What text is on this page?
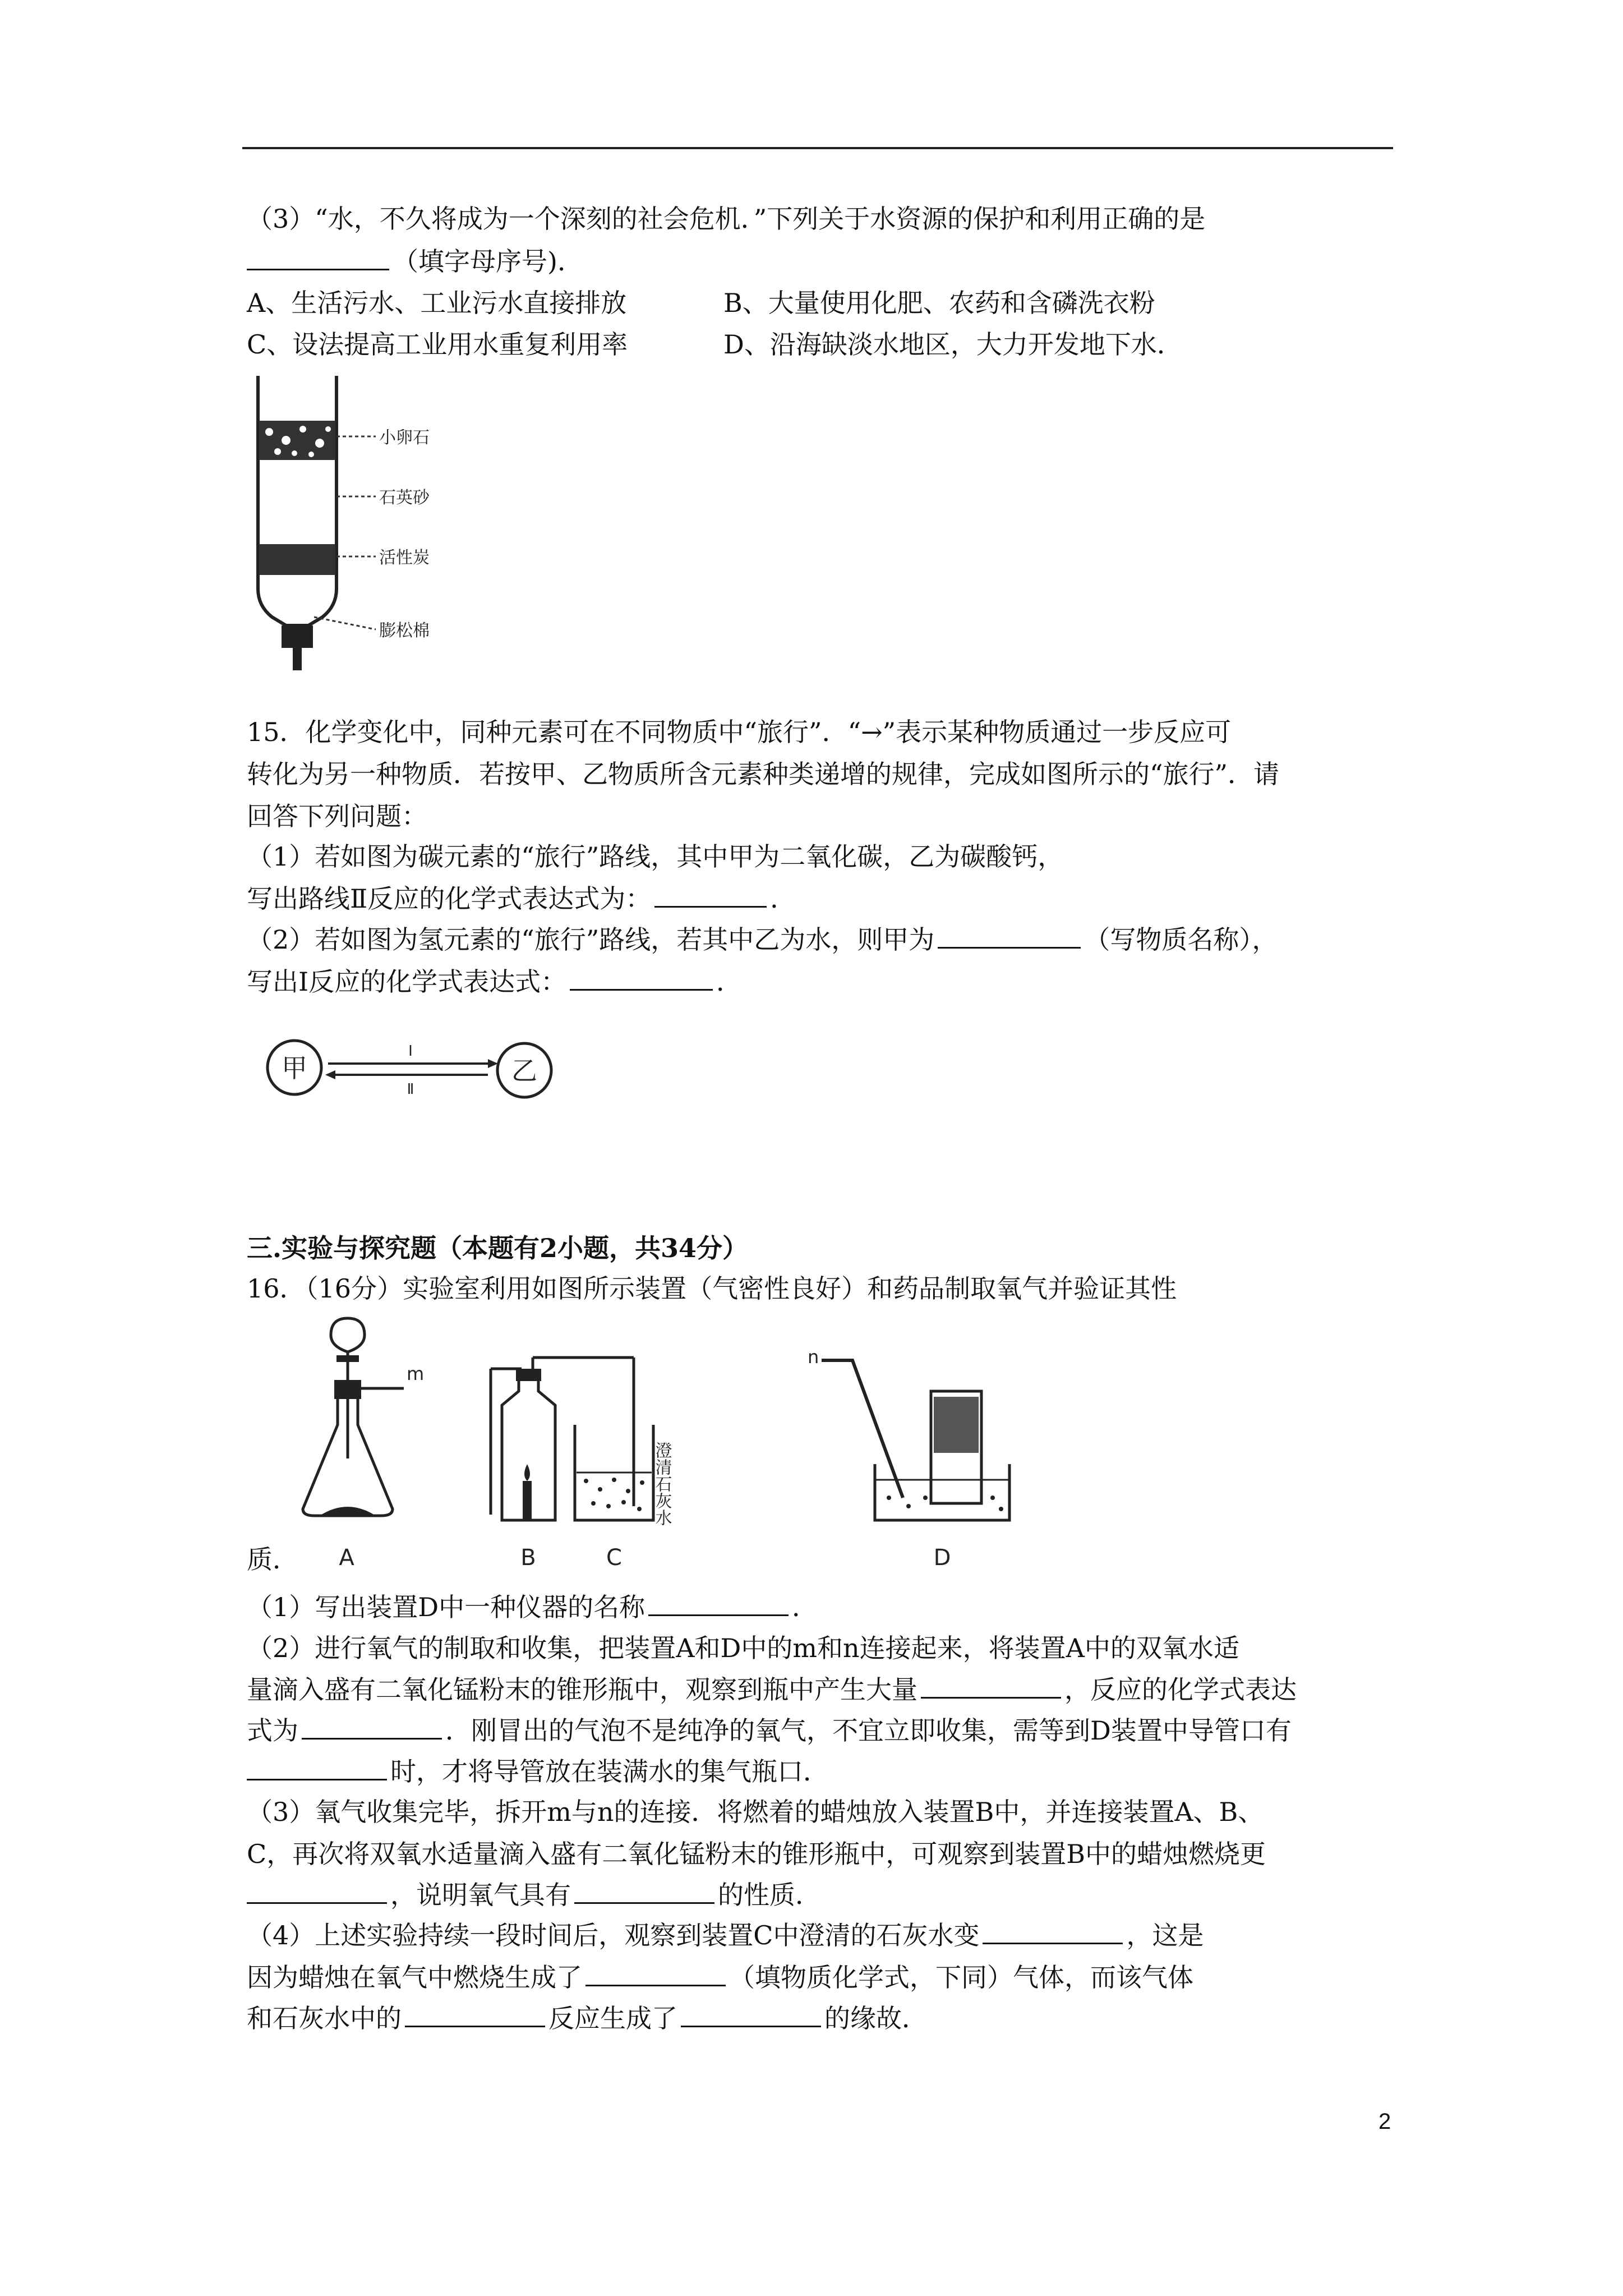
（3）“水，不久将成为一个深刻的社会危机．”下列关于水资源的保护和利用正确的是
（填字母序号)．
A、生活污水、工业污水直接排放	B、大量使用化肥、农药和含磷洗衣粉
C、设法提高工业用水重复利用率	D、沿海缺淡水地区，大力开发地下水．
小卵石
石英砂
活性炭
膨松棉
15．化学变化中，同种元素可在不同物质中“旅行”．“→”表示某种物质通过一步反应可
转化为另一种物质．若按甲、乙物质所含元素种类递增的规律，完成如图所示的“旅行”．请
回答下列问题：
（1）若如图为碳元素的“旅行”路线，其中甲为二氧化碳，乙为碳酸钙，
写出路线Ⅱ反应的化学式表达式为：	．
（2）若如图为氢元素的“旅行”路线，若其中乙为水，则甲为	（写物质名称），
写出Ⅰ反应的化学式表达式：	．
甲	乙
Ⅰ
Ⅱ
三.实验与探究题（本题有2小题，共34分）
16．（16分）实验室利用如图所示装置（气密性良好）和药品制取氧气并验证其性
A
m
B	C
澄清石灰水
n
D
质．
（1）写出装置D中一种仪器的名称	．
（2）进行氧气的制取和收集，把装置A和D中的m和n连接起来，将装置A中的双氧水适
量滴入盛有二氧化锰粉末的锥形瓶中，观察到瓶中产生大量	，反应的化学式表达
式为	．刚冒出的气泡不是纯净的氧气，不宜立即收集，需等到D装置中导管口有
时，才将导管放在装满水的集气瓶口．
（3）氧气收集完毕，拆开m与n的连接．将燃着的蜡烛放入装置B中，并连接装置A、B、
C，再次将双氧水适量滴入盛有二氧化锰粉末的锥形瓶中，可观察到装置B中的蜡烛燃烧更
，说明氧气具有	的性质．
（4）上述实验持续一段时间后，观察到装置C中澄清的石灰水变	，这是
因为蜡烛在氧气中燃烧生成了	（填物质化学式，下同）气体，而该气体
和石灰水中的	反应生成了	的缘故．
2
